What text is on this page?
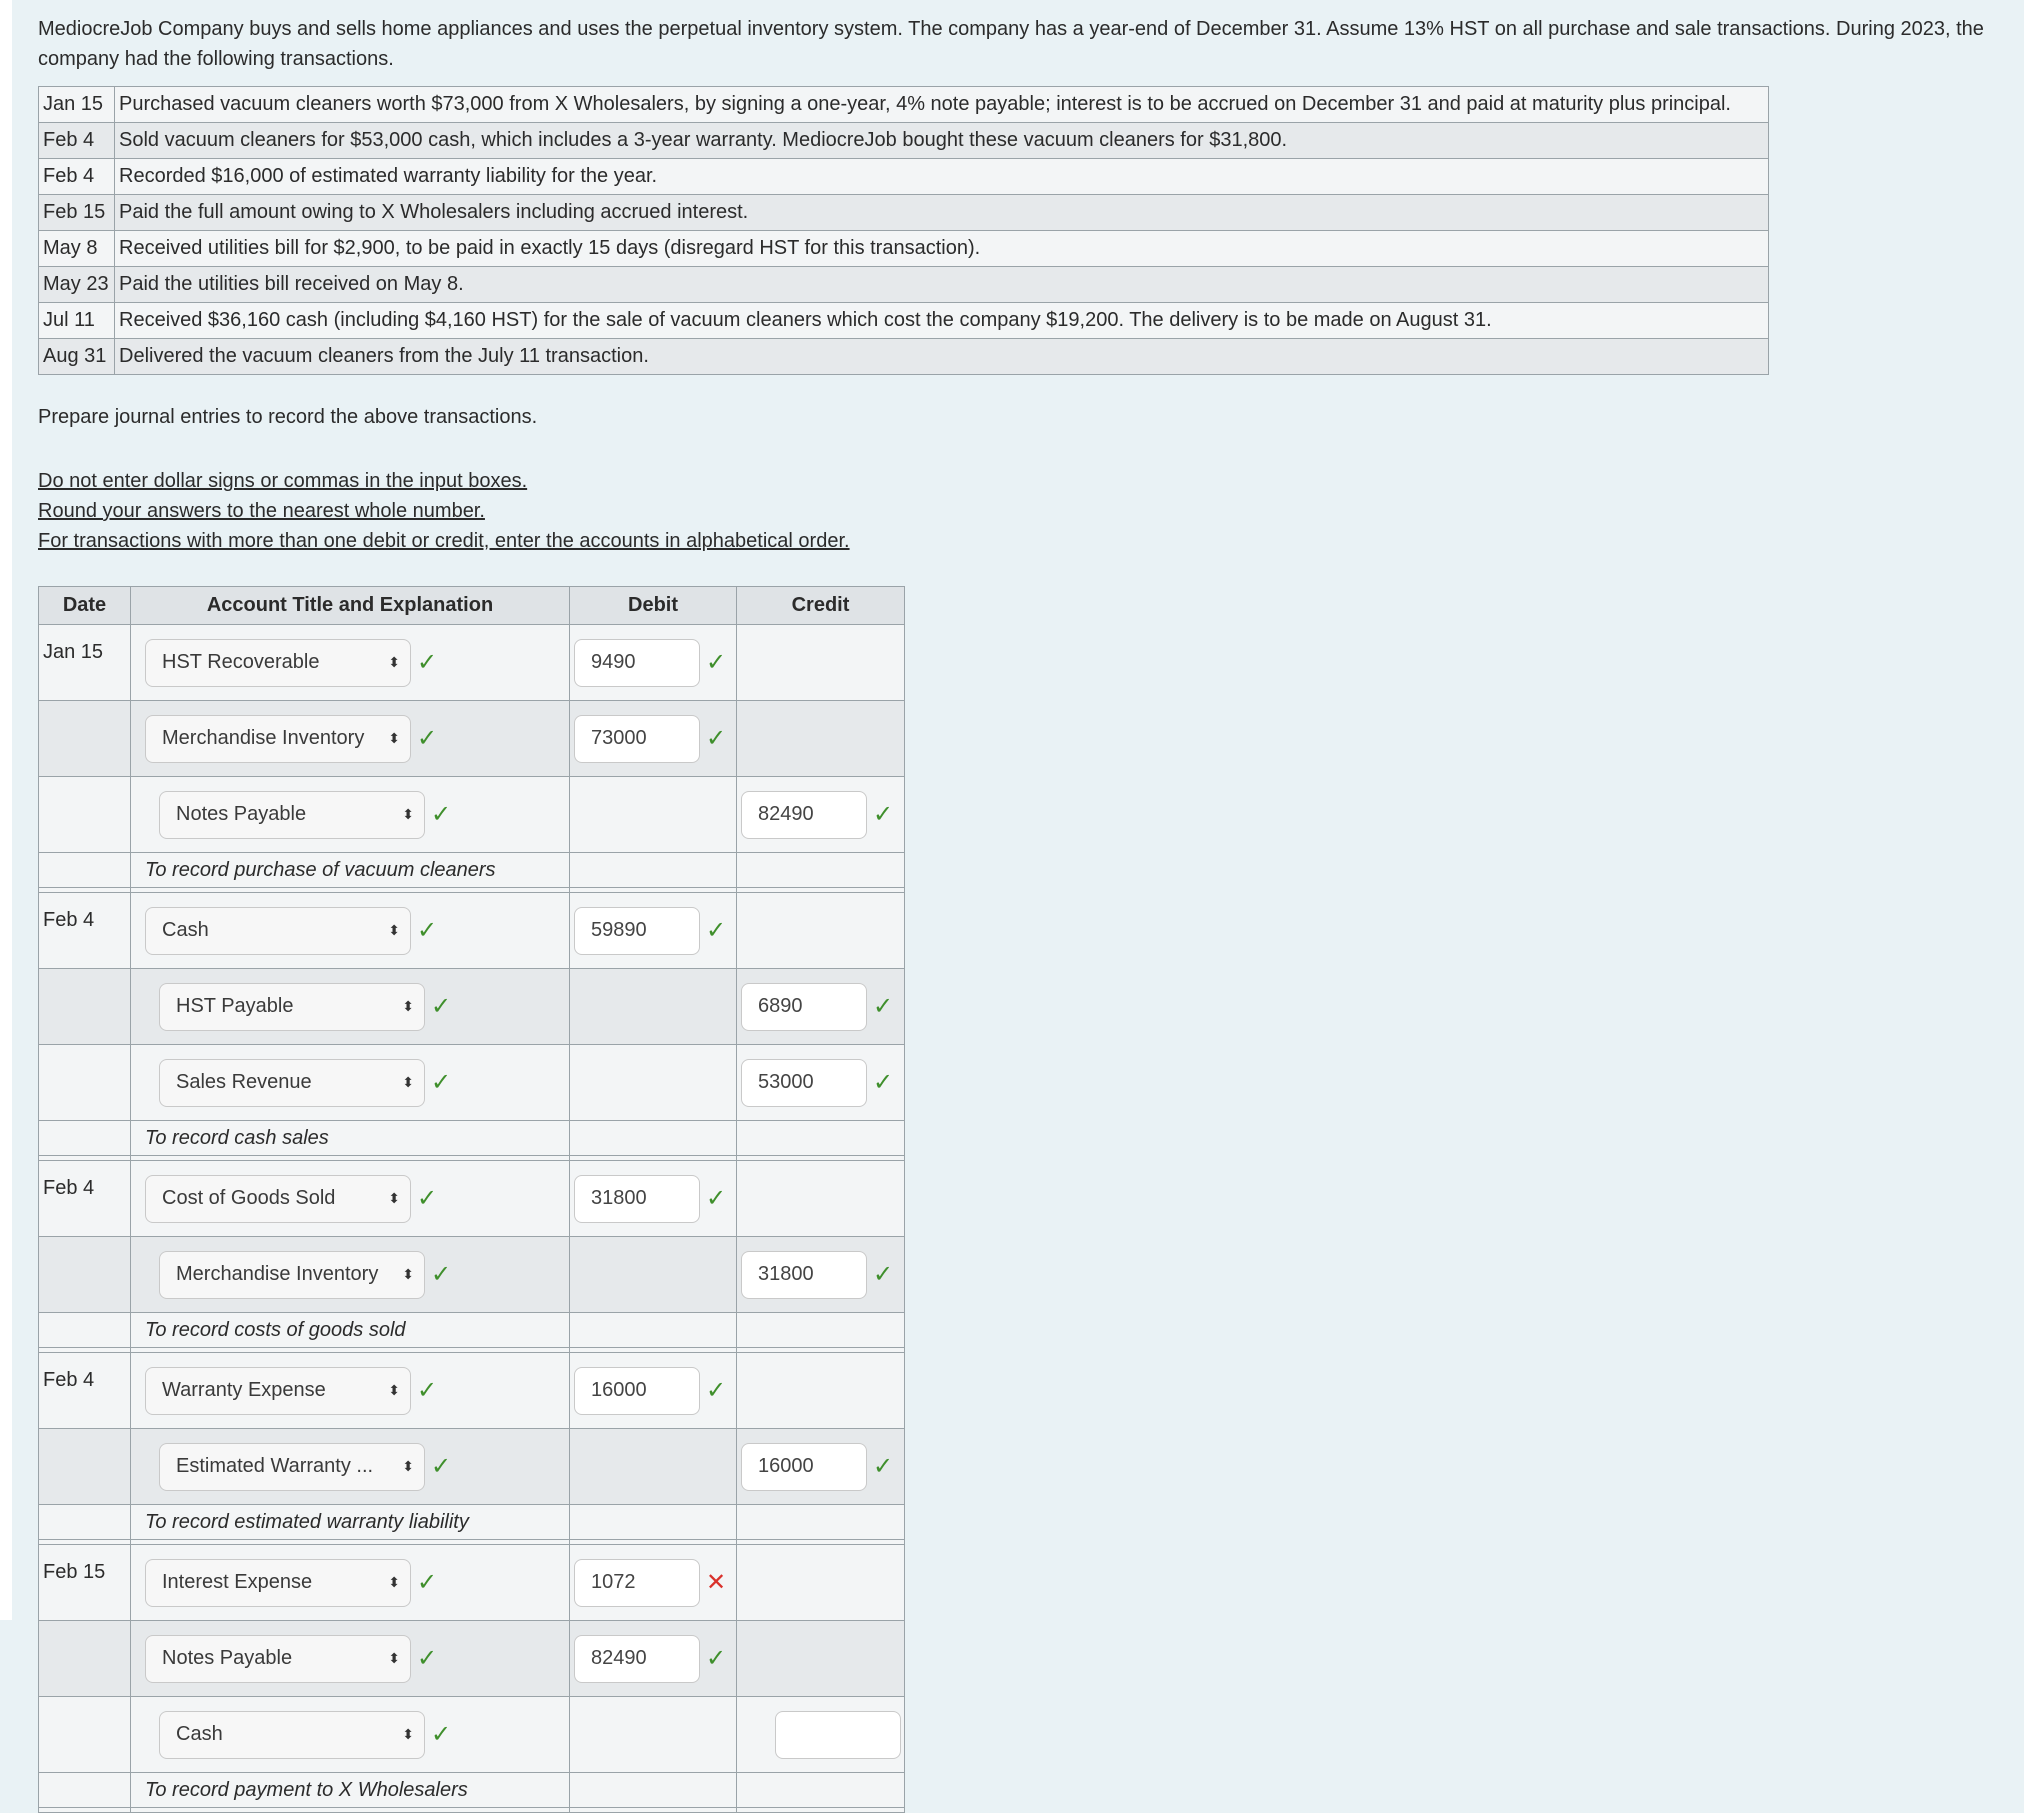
MediocreJob Company buys and sells home appliances and uses the perpetual inventory system. The company has a year-end of December 31. Assume 13% HST on all purchase and sale transactions. During 2023, the company had the following transactions.
Jan 15	Purchased vacuum cleaners worth $73,000 from X Wholesalers, by signing a one-year, 4% note payable; interest is to be accrued on December 31 and paid at maturity plus principal.
Feb 4	Sold vacuum cleaners for $53,000 cash, which includes a 3-year warranty. MediocreJob bought these vacuum cleaners for $31,800.
Feb 4	Recorded $16,000 of estimated warranty liability for the year.
Feb 15	Paid the full amount owing to X Wholesalers including accrued interest.
May 8	Received utilities bill for $2,900, to be paid in exactly 15 days (disregard HST for this transaction).
May 23	Paid the utilities bill received on May 8.
Jul 11	Received $36,160 cash (including $4,160 HST) for the sale of vacuum cleaners which cost the company $19,200. The delivery is to be made on August 31.
Aug 31	Delivered the vacuum cleaners from the July 11 transaction.
Prepare journal entries to record the above transactions.
Do not enter dollar signs or commas in the input boxes.
Round your answers to the nearest whole number.
For transactions with more than one debit or credit, enter the accounts in alphabetical order.
Date	Account Title and Explanation	Debit	Credit
Jan 15	HST Recoverable ⬍ ✓	9490 ✓	

	Merchandise Inventory ⬍ ✓	73000 ✓	

	Notes Payable ⬍ ✓		82490 ✓

	To record purchase of vacuum cleaners		

Feb 4	Cash ⬍ ✓	59890 ✓	

	HST Payable ⬍ ✓		6890 ✓

	Sales Revenue ⬍ ✓		53000 ✓

	To record cash sales		

Feb 4	Cost of Goods Sold ⬍ ✓	31800 ✓	

	Merchandise Inventory ⬍ ✓		31800 ✓

	To record costs of goods sold		

Feb 4	Warranty Expense ⬍ ✓	16000 ✓	

	Estimated Warranty ... ⬍ ✓		16000 ✓

	To record estimated warranty liability		

Feb 15	Interest Expense ⬍ ✓	1072 ✕	

	Notes Payable ⬍ ✓	82490 ✓	

	Cash ⬍ ✓		

	To record payment to X Wholesalers		
